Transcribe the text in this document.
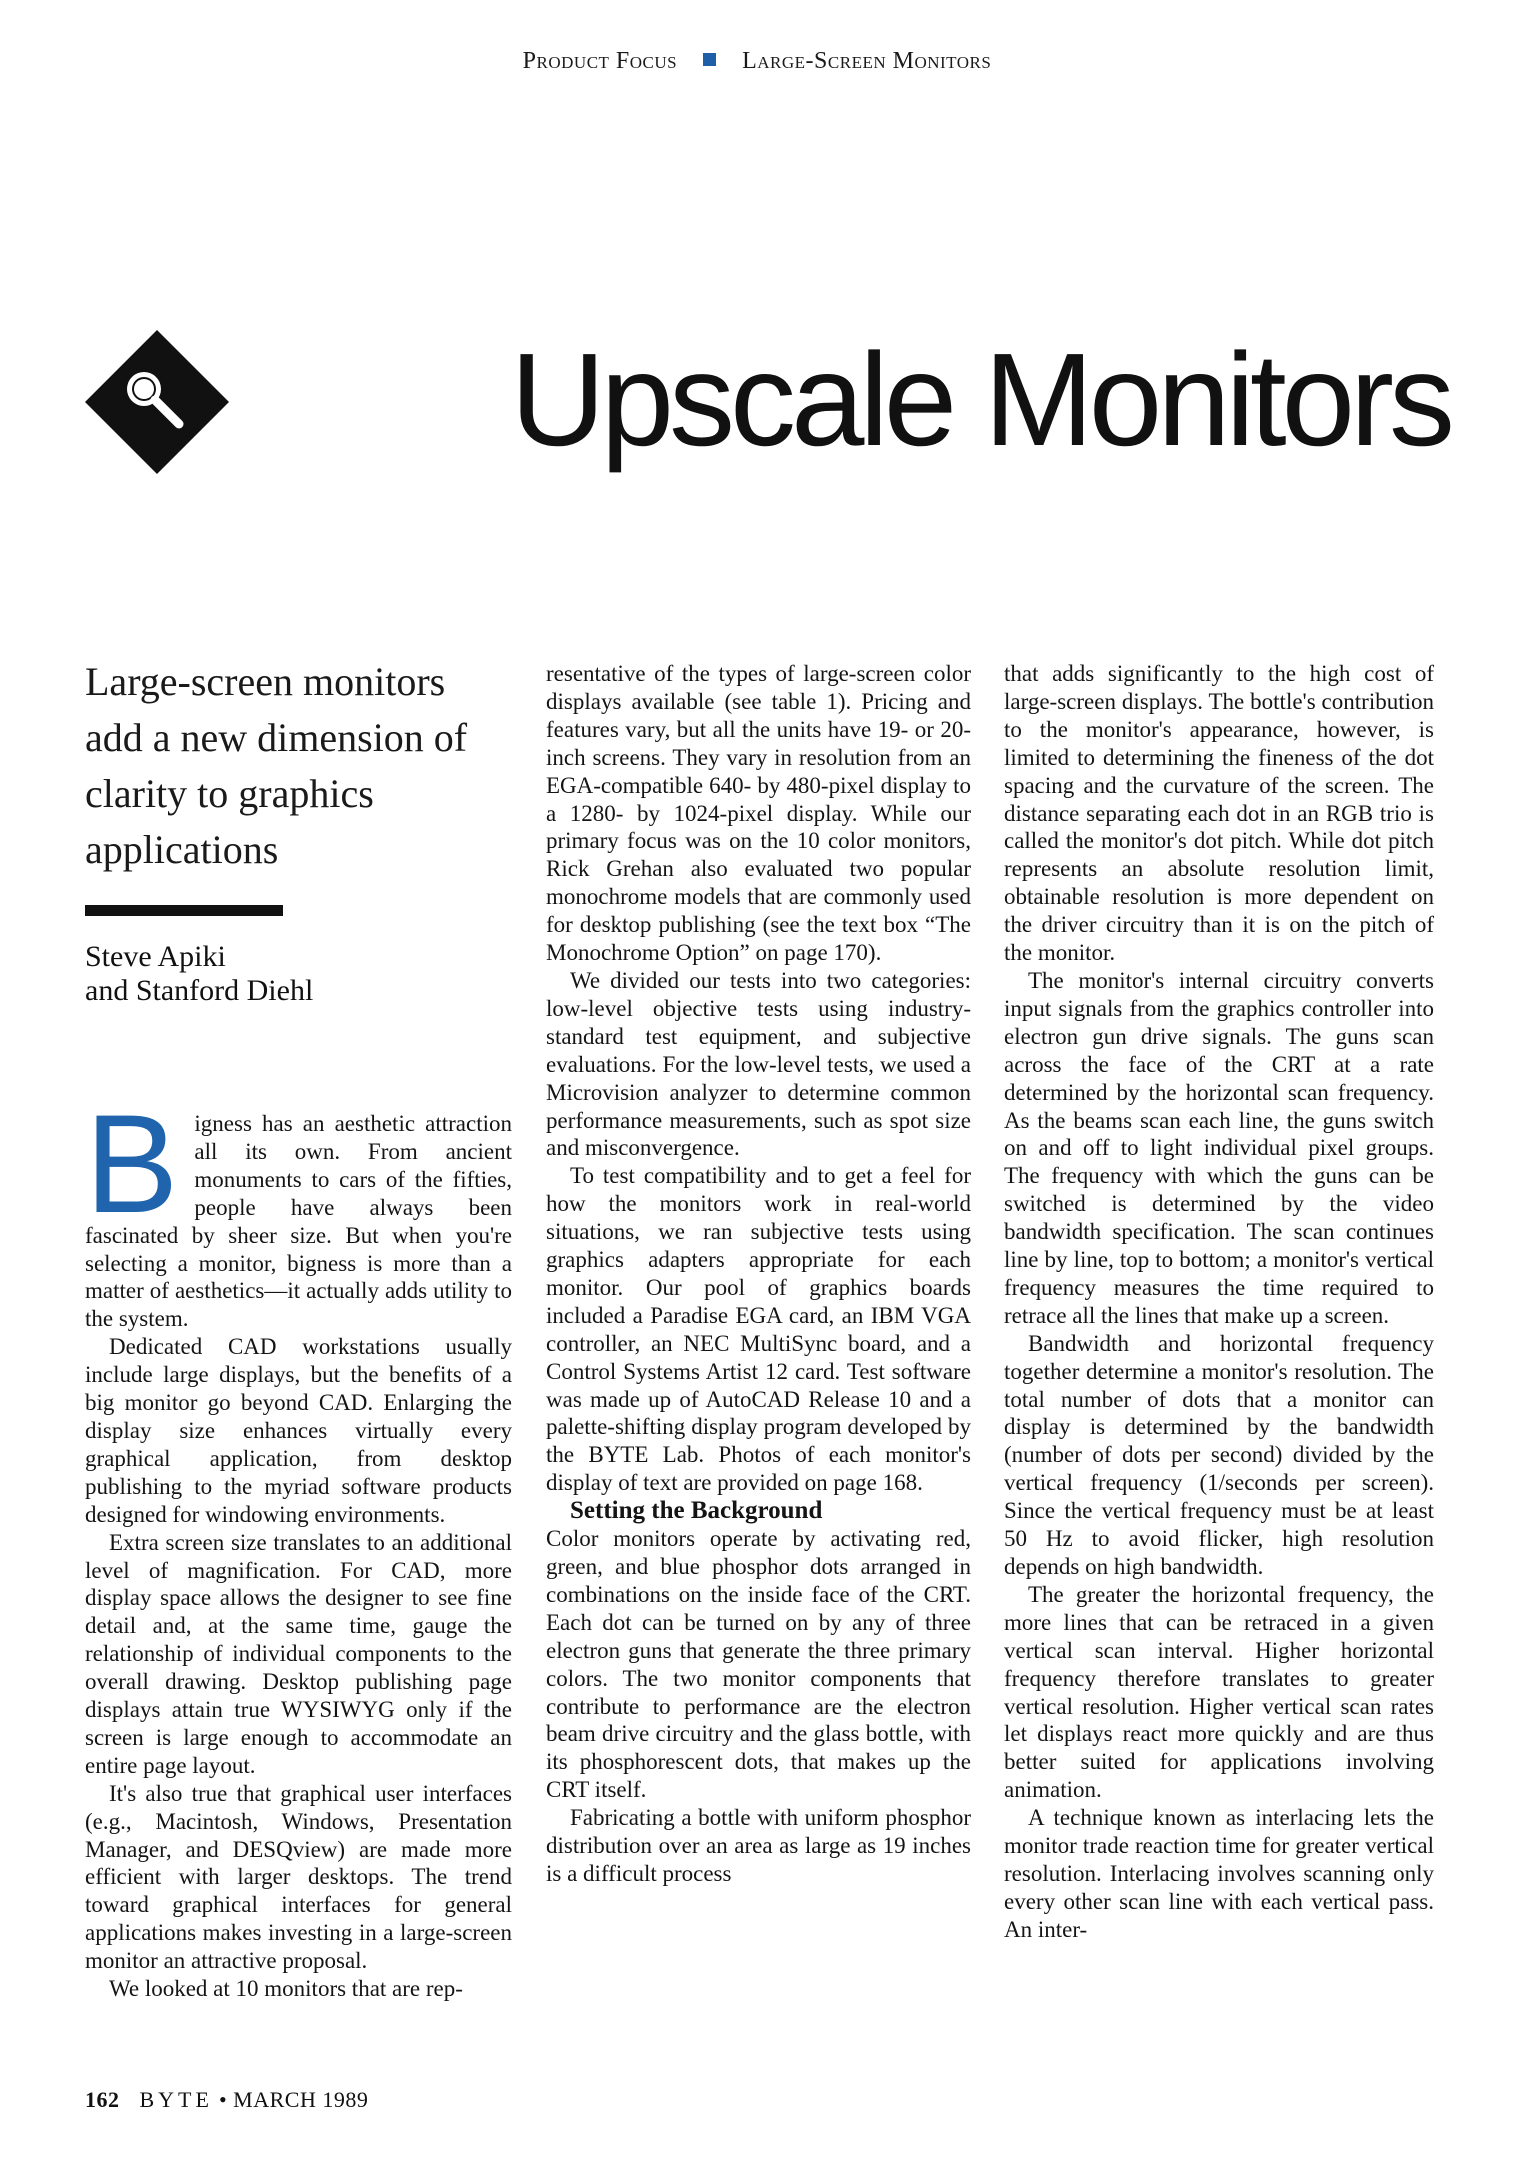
Product Focus	Large-Screen Monitors
Upscale Monitors
Large-screen monitors add a new dimension of clarity to graphics applications
Steve Apiki
and Stanford Diehl
B igness has an aesthetic attraction all its own. From ancient monuments to cars of the fifties, people have always been fascinated by sheer size. But when you're selecting a monitor, bigness is more than a matter of aesthetics—it actually adds utility to the system.

Dedicated CAD workstations usually include large displays, but the benefits of a big monitor go beyond CAD. Enlarging the display size enhances virtually every graphical application, from desktop publishing to the myriad software products designed for windowing environments.

Extra screen size translates to an additional level of magnification. For CAD, more display space allows the designer to see fine detail and, at the same time, gauge the relationship of individual components to the overall drawing. Desktop publishing page displays attain true WYSIWYG only if the screen is large enough to accommodate an entire page layout.

It's also true that graphical user interfaces (e.g., Macintosh, Windows, Presentation Manager, and DESQview) are made more efficient with larger desktops. The trend toward graphical interfaces for general applications makes investing in a large-screen monitor an attractive proposal.

We looked at 10 monitors that are rep-

resentative of the types of large-screen color displays available (see table 1). Pricing and features vary, but all the units have 19- or 20-inch screens. They vary in resolution from an EGA-compatible 640- by 480-pixel display to a 1280- by 1024-pixel display. While our primary focus was on the 10 color monitors, Rick Grehan also evaluated two popular monochrome models that are commonly used for desktop publishing (see the text box “The Monochrome Option” on page 170).

We divided our tests into two categories: low-level objective tests using industry-standard test equipment, and subjective evaluations. For the low-level tests, we used a Microvision analyzer to determine common performance measurements, such as spot size and misconvergence.

To test compatibility and to get a feel for how the monitors work in real-world situations, we ran subjective tests using graphics adapters appropriate for each monitor. Our pool of graphics boards included a Paradise EGA card, an IBM VGA controller, an NEC MultiSync board, and a Control Systems Artist 12 card. Test software was made up of AutoCAD Release 10 and a palette-shifting display program developed by the BYTE Lab. Photos of each monitor's display of text are provided on page 168.

Setting the Background

Color monitors operate by activating red, green, and blue phosphor dots arranged in combinations on the inside face of the CRT. Each dot can be turned on by any of three electron guns that generate the three primary colors. The two monitor components that contribute to performance are the electron beam drive circuitry and the glass bottle, with its phosphorescent dots, that makes up the CRT itself.

Fabricating a bottle with uniform phosphor distribution over an area as large as 19 inches is a difficult process

that adds significantly to the high cost of large-screen displays. The bottle's contribution to the monitor's appearance, however, is limited to determining the fineness of the dot spacing and the curvature of the screen. The distance separating each dot in an RGB trio is called the monitor's dot pitch. While dot pitch represents an absolute resolution limit, obtainable resolution is more dependent on the driver circuitry than it is on the pitch of the monitor.

The monitor's internal circuitry converts input signals from the graphics controller into electron gun drive signals. The guns scan across the face of the CRT at a rate determined by the horizontal scan frequency. As the beams scan each line, the guns switch on and off to light individual pixel groups. The frequency with which the guns can be switched is determined by the video bandwidth specification. The scan continues line by line, top to bottom; a monitor's vertical frequency measures the time required to retrace all the lines that make up a screen.

Bandwidth and horizontal frequency together determine a monitor's resolution. The total number of dots that a monitor can display is determined by the bandwidth (number of dots per second) divided by the vertical frequency (1/seconds per screen). Since the vertical frequency must be at least 50 Hz to avoid flicker, high resolution depends on high bandwidth.

The greater the horizontal frequency, the more lines that can be retraced in a given vertical scan interval. Higher horizontal frequency therefore translates to greater vertical resolution. Higher vertical scan rates let displays react more quickly and are thus better suited for applications involving animation.

A technique known as interlacing lets the monitor trade reaction time for greater vertical resolution. Interlacing involves scanning only every other scan line with each vertical pass. An inter-

162 BYTE • MARCH 1989
